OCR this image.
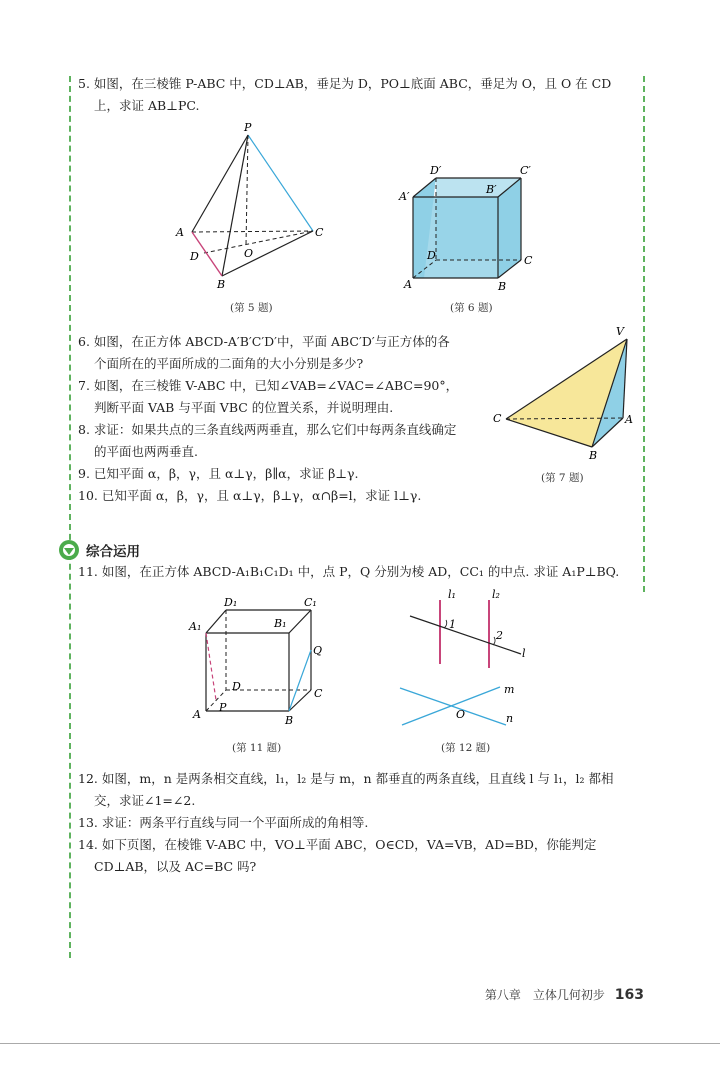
5. 如图，在三棱锥 P-ABC 中，CD⊥AB，垂足为 D，PO⊥底面 ABC，垂足为 O，且 O 在 CD
上，求证 AB⊥PC.
P
A
D	O
B
C
(第 5 题)
D′	C′
A′
B′
D	C
A	B
(第 6 题)
6. 如图，在正方体 ABCD-A′B′C′D′中，平面 ABC′D′与正方体的各
个面所在的平面所成的二面角的大小分别是多少?
7. 如图，在三棱锥 V-ABC 中，已知∠VAB=∠VAC=∠ABC=90°，
判断平面 VAB 与平面 VBC 的位置关系，并说明理由.
8. 求证：如果共点的三条直线两两垂直，那么它们中每两条直线确定
的平面也两两垂直.
9. 已知平面 α，β，γ，且 α⊥γ，β∥α，求证 β⊥γ.
10. 已知平面 α，β，γ，且 α⊥γ，β⊥γ，α∩β=l，求证 l⊥γ.
V
C	A
B
(第 7 题)
综合运用
11. 如图，在正方体 ABCD-A₁B₁C₁D₁ 中，点 P，Q 分别为棱 AD，CC₁ 的中点. 求证 A₁P⊥BQ.
D₁	C₁
A₁	B₁
Q
D
C
A
P
B
(第 11 题)
l₁	l₂
1
2
l
m
n
O
(第 12 题)
12. 如图，m，n 是两条相交直线，l₁，l₂ 是与 m，n 都垂直的两条直线，且直线 l 与 l₁，l₂ 都相
交，求证∠1=∠2.
13. 求证：两条平行直线与同一个平面所成的角相等.
14. 如下页图，在棱锥 V-ABC 中，VO⊥平面 ABC，O∈CD，VA=VB，AD=BD，你能判定
CD⊥AB，以及 AC=BC 吗?
第八章　立体几何初步 163
